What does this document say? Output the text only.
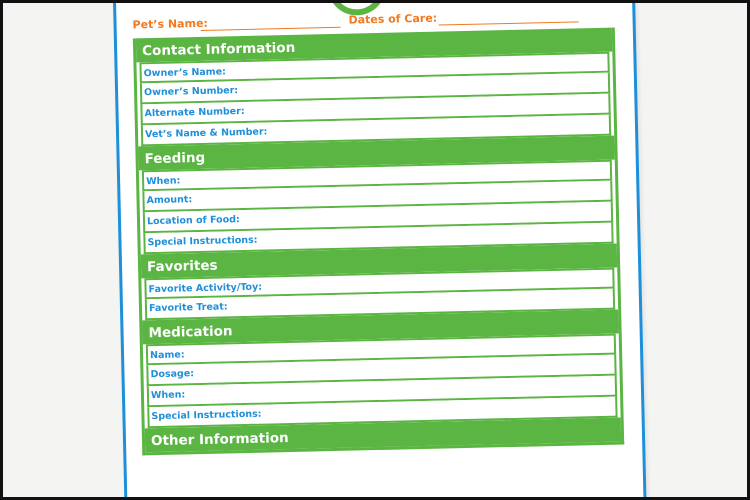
Pet’s Name:	Dates of Care:
Contact Information
Owner’s Name:
Owner’s Number:
Alternate Number:
Vet’s Name & Number:
Feeding
When:
Amount:
Location of Food:
Special Instructions:
Favorites
Favorite Activity/Toy:
Favorite Treat:
Medication
Name:
Dosage:
When:
Special Instructions:
Other Information
